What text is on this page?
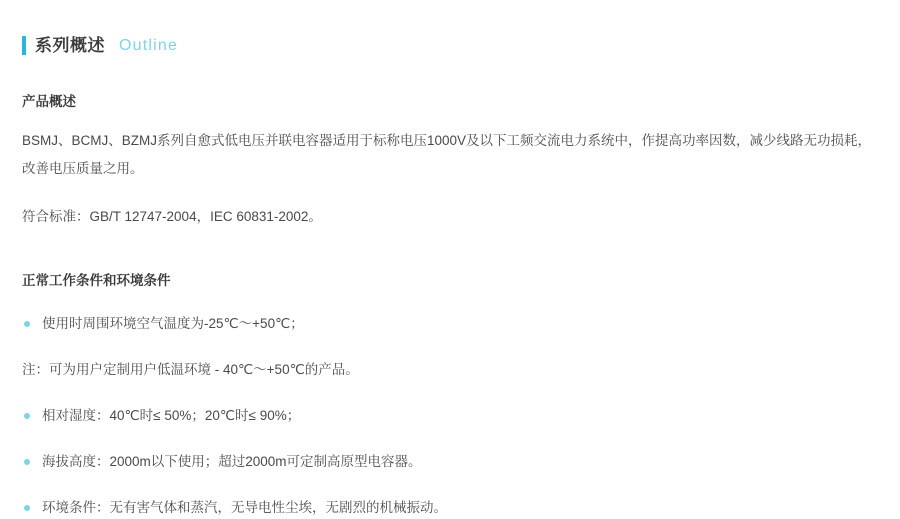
系列概述 Outline
产品概述

BSMJ、BCMJ、BZMJ系列自愈式低电压并联电容器适用于标称电压1000V及以下工频交流电力系统中，作提高功率因数，减少线路无功损耗，改善电压质量之用。

符合标准：GB/T 12747-2004，IEC 60831-2002。

正常工作条件和环境条件
使用时周围环境空气温度为-25℃～+50℃；
注：可为用户定制用户低温环境 - 40℃～+50℃的产品。
相对湿度：40℃时≤ 50%；20℃时≤ 90%；
海拔高度：2000m以下使用；超过2000m可定制高原型电容器。
环境条件：无有害气体和蒸汽，无导电性尘埃，无剧烈的机械振动。
